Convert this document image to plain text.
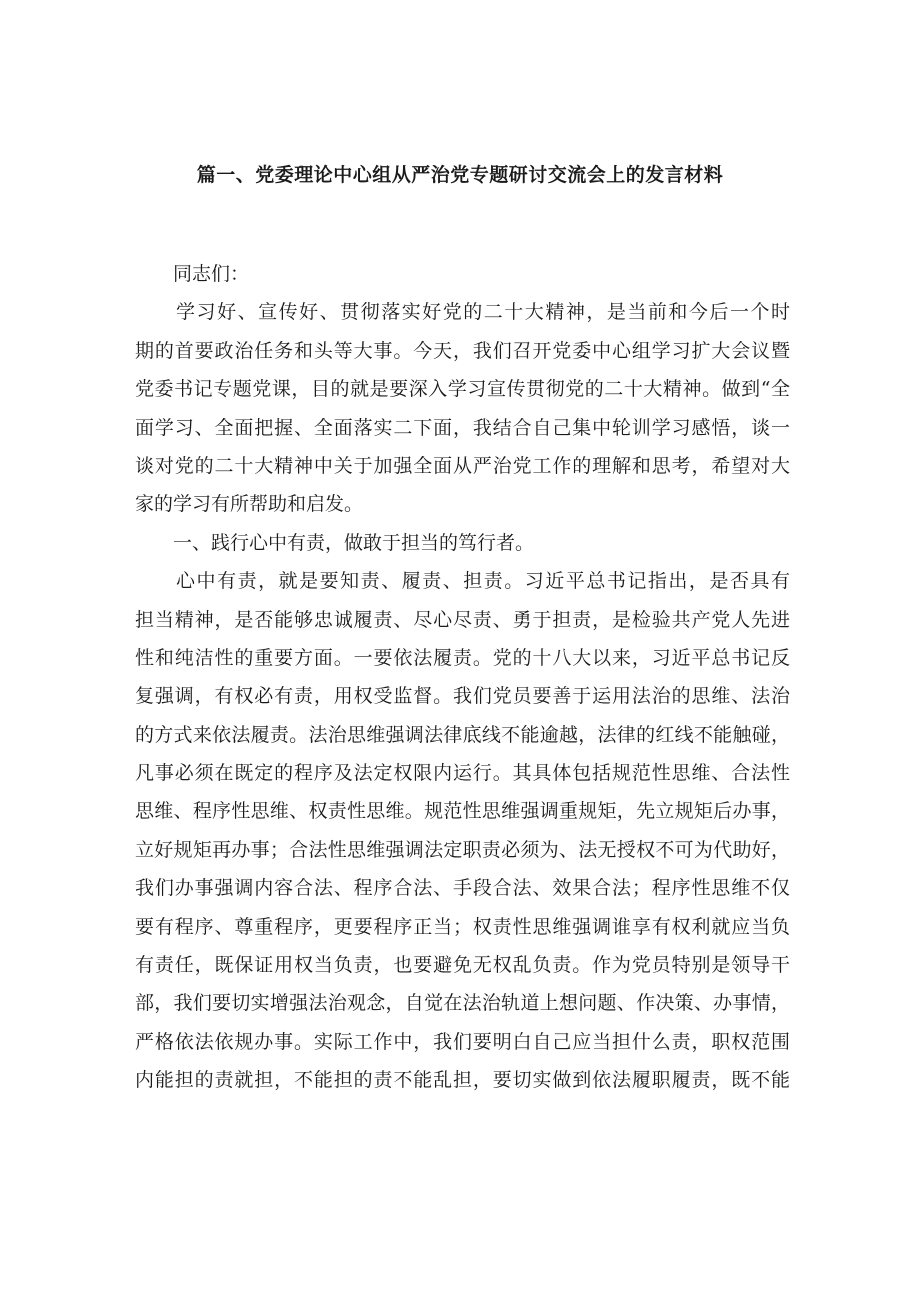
篇一、党委理论中心组从严治党专题研讨交流会上的发言材料
　　同志们：
　　学习好、宣传好、贯彻落实好党的二十大精神，是当前和今后一个时
期的首要政治任务和头等大事。今天，我们召开党委中心组学习扩大会议暨
党委书记专题党课，目的就是要深入学习宣传贯彻党的二十大精神。做到“全
面学习、全面把握、全面落实二下面，我结合自己集中轮训学习感悟，谈一
谈对党的二十大精神中关于加强全面从严治党工作的理解和思考，希望对大
家的学习有所帮助和启发。
　　一、践行心中有责，做敢于担当的笃行者。
　　心中有责，就是要知责、履责、担责。习近平总书记指出，是否具有
担当精神，是否能够忠诚履责、尽心尽责、勇于担责，是检验共产党人先进
性和纯洁性的重要方面。一要依法履责。党的十八大以来，习近平总书记反
复强调，有权必有责，用权受监督。我们党员要善于运用法治的思维、法治
的方式来依法履责。法治思维强调法律底线不能逾越，法律的红线不能触碰，
凡事必须在既定的程序及法定权限内运行。其具体包括规范性思维、合法性
思维、程序性思维、权责性思维。规范性思维强调重规矩，先立规矩后办事，
立好规矩再办事；合法性思维强调法定职责必须为、法无授权不可为代助好，
我们办事强调内容合法、程序合法、手段合法、效果合法；程序性思维不仅
要有程序、尊重程序，更要程序正当；权责性思维强调谁享有权利就应当负
有责任，既保证用权当负责，也要避免无权乱负责。作为党员特别是领导干
部，我们要切实增强法治观念，自觉在法治轨道上想问题、作决策、办事情，
严格依法依规办事。实际工作中，我们要明白自己应当担什么责，职权范围
内能担的责就担，不能担的责不能乱担，要切实做到依法履职履责，既不能
